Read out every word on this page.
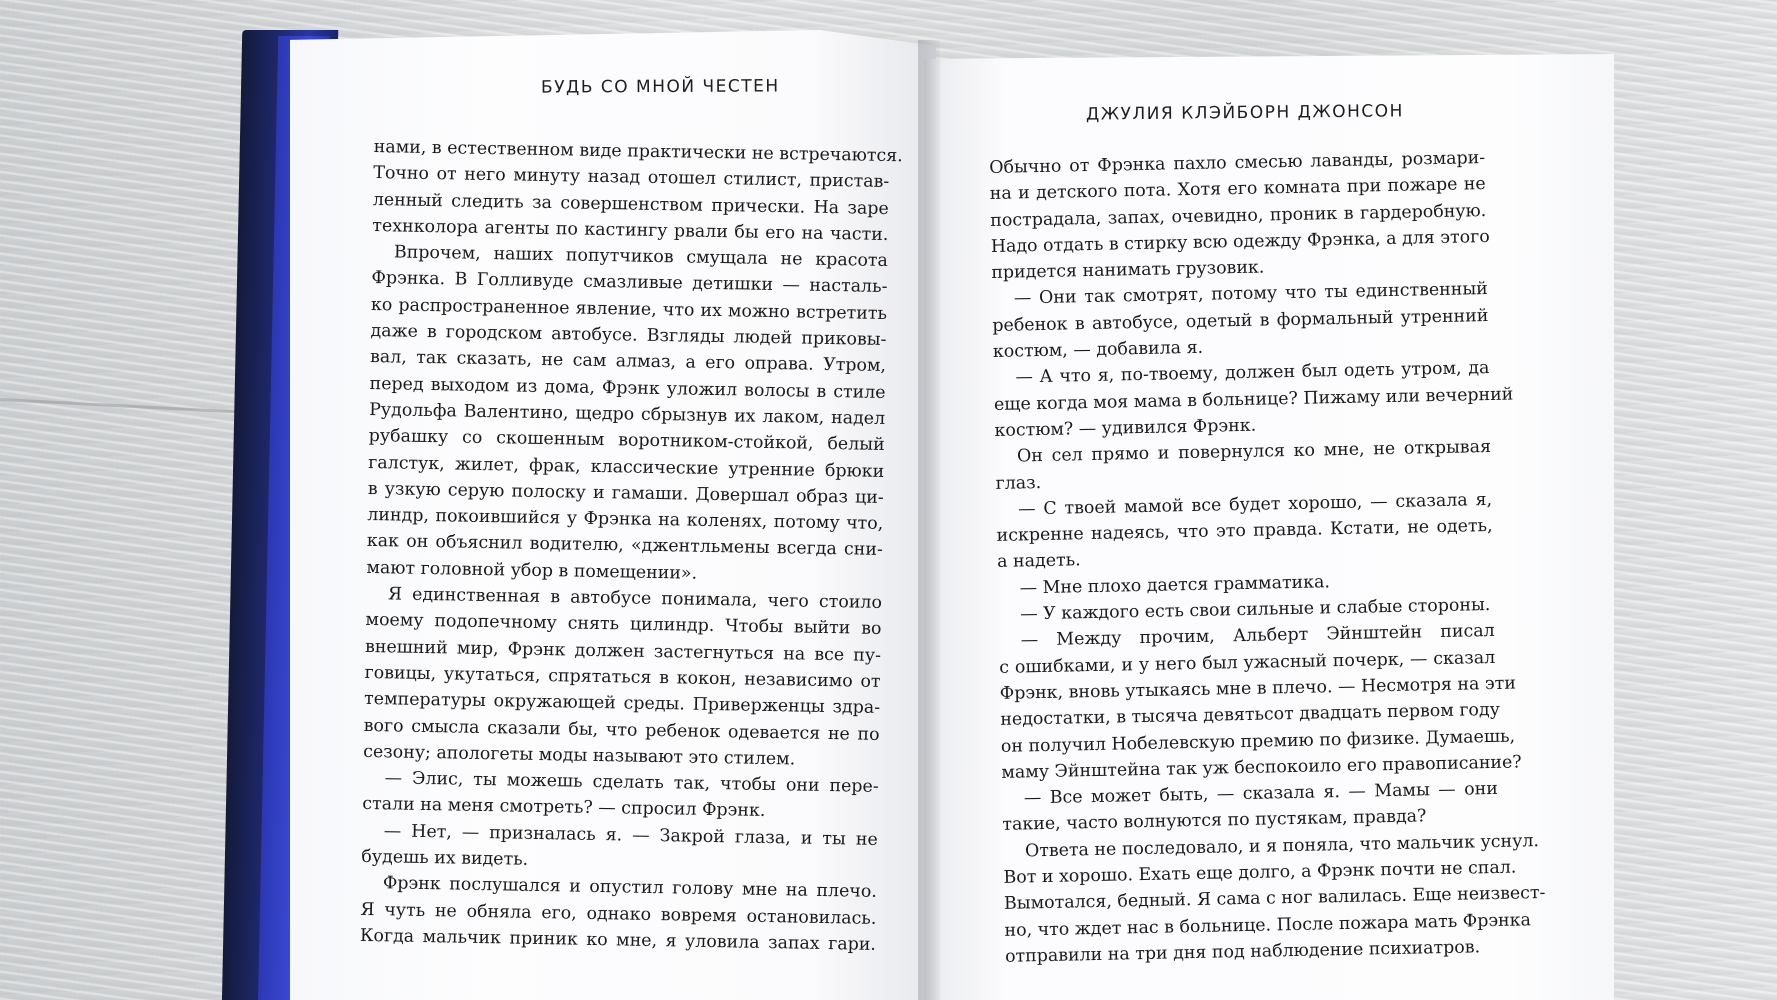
БУДЬ СО МНОЙ ЧЕСТЕН
ДЖУЛИЯ КЛЭЙБОРН ДЖОНСОН
нами, в естественном виде практически не встречаются.
Точно от него минуту назад отошел стилист, пристав-
ленный следить за совершенством прически. На заре
технколора агенты по кастингу рвали бы его на части.
Впрочем, наших попутчиков смущала не красота
Фрэнка. В Голливуде смазливые детишки — насталь-
ко распространенное явление, что их можно встретить
даже в городском автобусе. Взгляды людей приковы-
вал, так сказать, не сам алмаз, а его оправа. Утром,
перед выходом из дома, Фрэнк уложил волосы в стиле
Рудольфа Валентино, щедро сбрызнув их лаком, надел
рубашку со скошенным воротником-стойкой, белый
галстук, жилет, фрак, классические утренние брюки
в узкую серую полоску и гамаши. Довершал образ ци-
линдр, покоившийся у Фрэнка на коленях, потому что,
как он объяснил водителю, «джентльмены всегда сни-
мают головной убор в помещении».
Я единственная в автобусе понимала, чего стоило
моему подопечному снять цилиндр. Чтобы выйти во
внешний мир, Фрэнк должен застегнуться на все пу-
говицы, укутаться, спрятаться в кокон, независимо от
температуры окружающей среды. Приверженцы здра-
вого смысла сказали бы, что ребенок одевается не по
сезону; апологеты моды называют это стилем.
— Элис, ты можешь сделать так, чтобы они пере-
стали на меня смотреть? — спросил Фрэнк.
— Нет, — призналась я. — Закрой глаза, и ты не
будешь их видеть.
Фрэнк послушался и опустил голову мне на плечо.
Я чуть не обняла его, однако вовремя остановилась.
Когда мальчик приник ко мне, я уловила запах гари.
Обычно от Фрэнка пахло смесью лаванды, розмари-
на и детского пота. Хотя его комната при пожаре не
пострадала, запах, очевидно, проник в гардеробную.
Надо отдать в стирку всю одежду Фрэнка, а для этого
придется нанимать грузовик.
— Они так смотрят, потому что ты единственный
ребенок в автобусе, одетый в формальный утренний
костюм, — добавила я.
— А что я, по-твоему, должен был одеть утром, да
еще когда моя мама в больнице? Пижаму или вечерний
костюм? — удивился Фрэнк.
Он сел прямо и повернулся ко мне, не открывая
глаз.
— С твоей мамой все будет хорошо, — сказала я,
искренне надеясь, что это правда. Кстати, не одеть,
а надеть.
— Мне плохо дается грамматика.
— У каждого есть свои сильные и слабые стороны.
— Между прочим, Альберт Эйнштейн писал
с ошибками, и у него был ужасный почерк, — сказал
Фрэнк, вновь утыкаясь мне в плечо. — Несмотря на эти
недостатки, в тысяча девятьсот двадцать первом году
он получил Нобелевскую премию по физике. Думаешь,
маму Эйнштейна так уж беспокоило его правописание?
— Все может быть, — сказала я. — Мамы — они
такие, часто волнуются по пустякам, правда?
Ответа не последовало, и я поняла, что мальчик уснул.
Вот и хорошо. Ехать еще долго, а Фрэнк почти не спал.
Вымотался, бедный. Я сама с ног валилась. Еще неизвест-
но, что ждет нас в больнице. После пожара мать Фрэнка
отправили на три дня под наблюдение психиатров.
